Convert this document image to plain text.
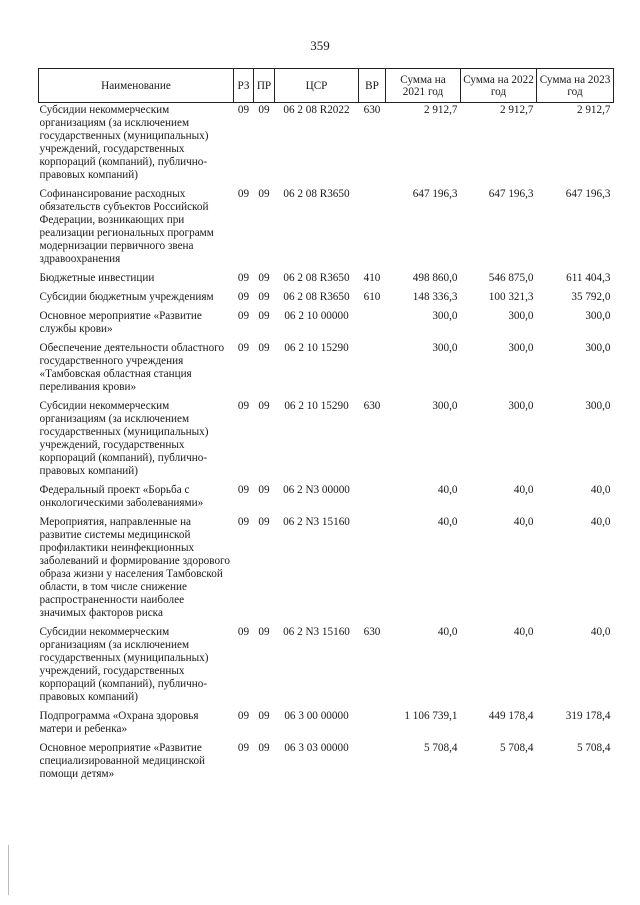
359
Наименование	РЗ	ПР	ЦСР	ВР	Сумма на 2021 год	Сумма на 2022 год	Сумма на 2023 год
Субсидии некоммерческим организациям (за исключением государственных (муниципальных) учреждений, государственных корпораций (компаний), публично-правовых компаний)	09	09	06 2 08 R2022	630	2 912,7	2 912,7	2 912,7
Софинансирование расходных обязательств субъектов Российской Федерации, возникающих при реализации региональных программ модернизации первичного звена здравоохранения	09	09	06 2 08 R3650		647 196,3	647 196,3	647 196,3
Бюджетные инвестиции	09	09	06 2 08 R3650	410	498 860,0	546 875,0	611 404,3
Субсидии бюджетным учреждениям	09	09	06 2 08 R3650	610	148 336,3	100 321,3	35 792,0
Основное мероприятие «Развитие службы крови»	09	09	06 2 10 00000		300,0	300,0	300,0
Обеспечение деятельности областного государственного учреждения «Тамбовская областная станция переливания крови»	09	09	06 2 10 15290		300,0	300,0	300,0
Субсидии некоммерческим организациям (за исключением государственных (муниципальных) учреждений, государственных корпораций (компаний), публично-правовых компаний)	09	09	06 2 10 15290	630	300,0	300,0	300,0
Федеральный проект «Борьба с онкологическими заболеваниями»	09	09	06 2 N3 00000		40,0	40,0	40,0
Мероприятия, направленные на развитие системы медицинской профилактики неинфекционных заболеваний и формирование здорового образа жизни у населения Тамбовской области, в том числе снижение распространенности наиболее значимых факторов риска	09	09	06 2 N3 15160		40,0	40,0	40,0
Субсидии некоммерческим организациям (за исключением государственных (муниципальных) учреждений, государственных корпораций (компаний), публично-правовых компаний)	09	09	06 2 N3 15160	630	40,0	40,0	40,0
Подпрограмма «Охрана здоровья матери и ребенка»	09	09	06 3 00 00000		1 106 739,1	449 178,4	319 178,4
Основное мероприятие «Развитие специализированной медицинской помощи детям»	09	09	06 3 03 00000		5 708,4	5 708,4	5 708,4
